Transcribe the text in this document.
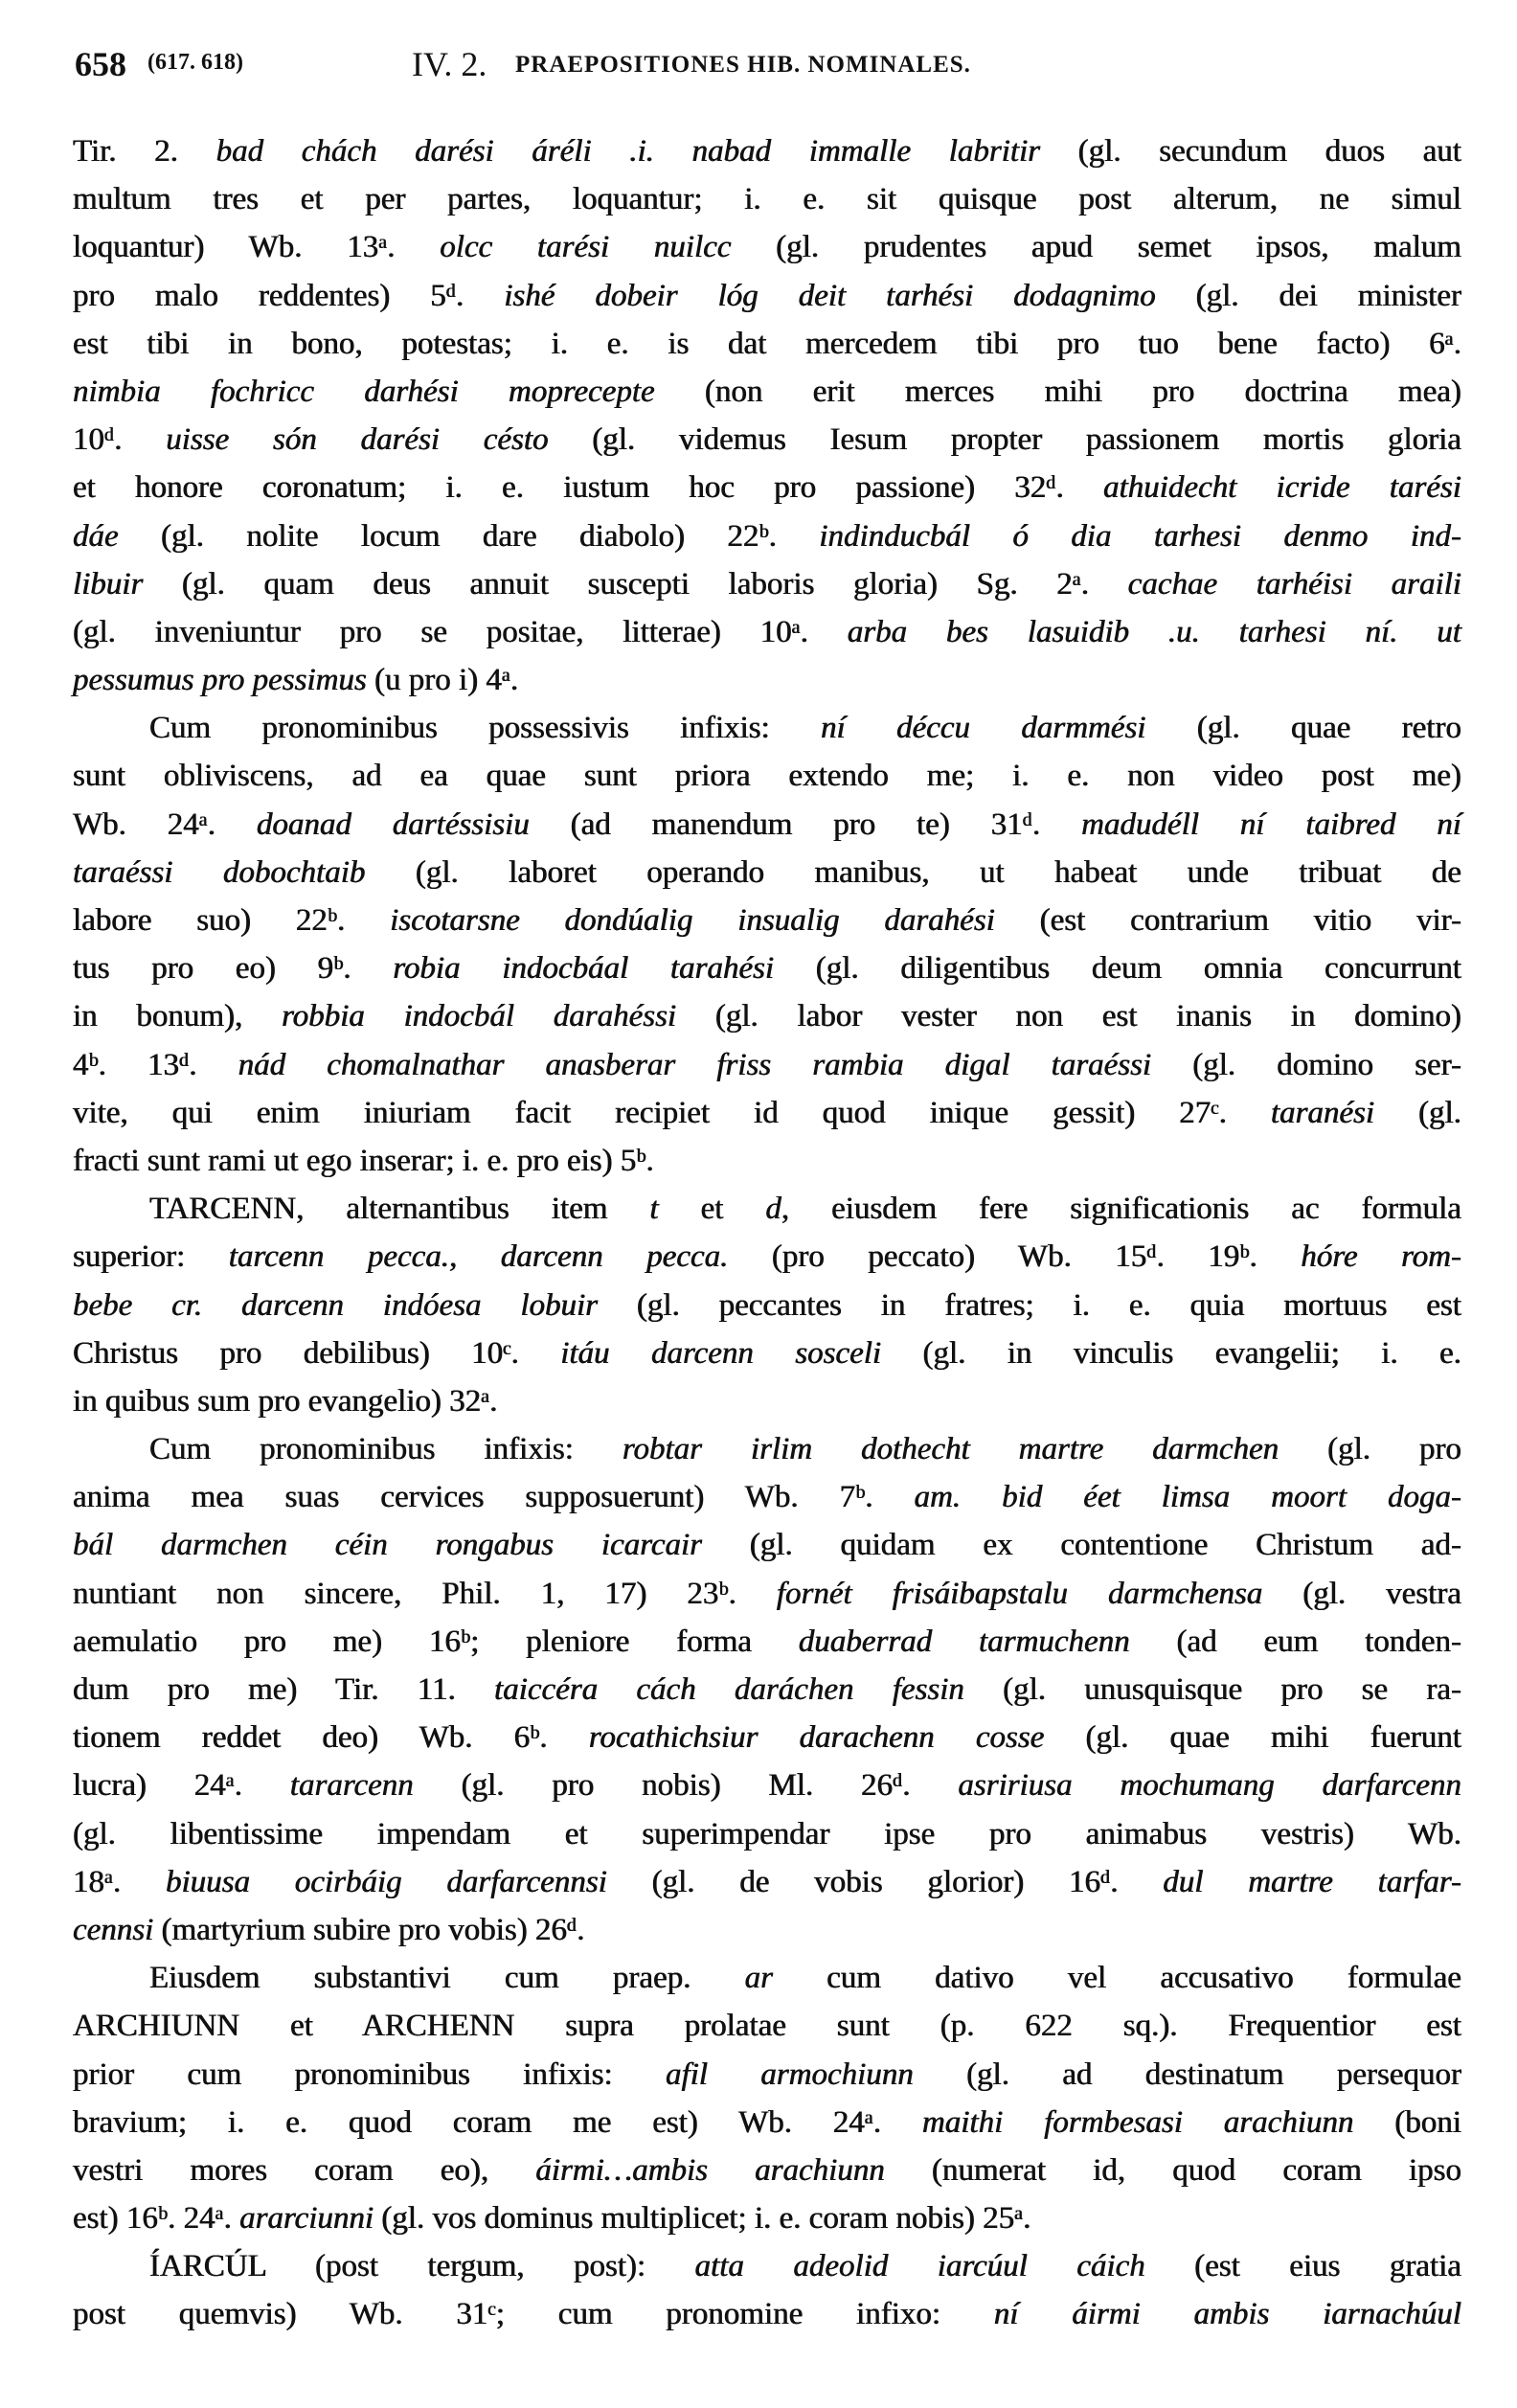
658 (617. 618)	IV. 2. PRAEPOSITIONES HIB. NOMINALES.
Tir. 2. bad chách darési áréli .i. nabad immalle labritir (gl. secundum duos aut
multum tres et per partes, loquantur; i. e. sit quisque post alterum, ne simul
loquantur) Wb. 13ᵃ. olcc tarési nuilcc (gl. prudentes apud semet ipsos, malum
pro malo reddentes) 5ᵈ. ishé dobeir lóg deit tarhési dodagnimo (gl. dei minister
est tibi in bono, potestas; i. e. is dat mercedem tibi pro tuo bene facto) 6ᵃ.
nimbia fochricc darhési moprecepte (non erit merces mihi pro doctrina mea)
10ᵈ. uisse són darési césto (gl. videmus Iesum propter passionem mortis gloria
et honore coronatum; i. e. iustum hoc pro passione) 32ᵈ. athuidecht icride tarési
dáe (gl. nolite locum dare diabolo) 22ᵇ. indinducbál ó dia tarhesi denmo ind-
libuir (gl. quam deus annuit suscepti laboris gloria) Sg. 2ᵃ. cachae tarhéisi araili
(gl. inveniuntur pro se positae, litterae) 10ᵃ. arba bes lasuidib .u. tarhesi ní. ut
pessumus pro pessimus (u pro i) 4ᵃ.
Cum pronominibus possessivis infixis: ní déccu darmmési (gl. quae retro
sunt obliviscens, ad ea quae sunt priora extendo me; i. e. non video post me)
Wb. 24ᵃ. doanad dartéssisiu (ad manendum pro te) 31ᵈ. madudéll ní taibred ní
taraéssi dobochtaib (gl. laboret operando manibus, ut habeat unde tribuat de
labore suo) 22ᵇ. iscotarsne dondúalig insualig darahési (est contrarium vitio vir-
tus pro eo) 9ᵇ. robia indocbáal tarahési (gl. diligentibus deum omnia concurrunt
in bonum), robbia indocbál darahéssi (gl. labor vester non est inanis in domino)
4ᵇ. 13ᵈ. nád chomalnathar anasberar friss rambia digal taraéssi (gl. domino ser-
vite, qui enim iniuriam facit recipiet id quod inique gessit) 27ᶜ. taranési (gl.
fracti sunt rami ut ego inserar; i. e. pro eis) 5ᵇ.
TARCENN, alternantibus item t et d, eiusdem fere significationis ac formula
superior: tarcenn pecca., darcenn pecca. (pro peccato) Wb. 15ᵈ. 19ᵇ. hóre rom-
bebe cr. darcenn indóesa lobuir (gl. peccantes in fratres; i. e. quia mortuus est
Christus pro debilibus) 10ᶜ. itáu darcenn sosceli (gl. in vinculis evangelii; i. e.
in quibus sum pro evangelio) 32ᵃ.
Cum pronominibus infixis: robtar irlim dothecht martre darmchen (gl. pro
anima mea suas cervices supposuerunt) Wb. 7ᵇ. am. bid éet limsa moort doga-
bál darmchen céin rongabus icarcair (gl. quidam ex contentione Christum ad-
nuntiant non sincere, Phil. 1, 17) 23ᵇ. fornét frisáibapstalu darmchensa (gl. vestra
aemulatio pro me) 16ᵇ; pleniore forma duaberrad tarmuchenn (ad eum tonden-
dum pro me) Tir. 11. taiccéra cách daráchen fessin (gl. unusquisque pro se ra-
tionem reddet deo) Wb. 6ᵇ. rocathichsiur darachenn cosse (gl. quae mihi fuerunt
lucra) 24ᵃ. tararcenn (gl. pro nobis) Ml. 26ᵈ. asririusa mochumang darfarcenn
(gl. libentissime impendam et superimpendar ipse pro animabus vestris) Wb.
18ᵃ. biuusa ocirbáig darfarcennsi (gl. de vobis glorior) 16ᵈ. dul martre tarfar-
cennsi (martyrium subire pro vobis) 26ᵈ.
Eiusdem substantivi cum praep. ar cum dativo vel accusativo formulae
ARCHIUNN et ARCHENN supra prolatae sunt (p. 622 sq.). Frequentior est
prior cum pronominibus infixis: afil armochiunn (gl. ad destinatum persequor
bravium; i. e. quod coram me est) Wb. 24ᵃ. maithi formbesasi arachiunn (boni
vestri mores coram eo), áirmi…ambis arachiunn (numerat id, quod coram ipso
est) 16ᵇ. 24ᵃ. ararciunni (gl. vos dominus multiplicet; i. e. coram nobis) 25ᵃ.
ÍARCÚL (post tergum, post): atta adeolid iarcúul cáich (est eius gratia
post quemvis) Wb. 31ᶜ; cum pronomine infixo: ní áirmi ambis iarnachúul
